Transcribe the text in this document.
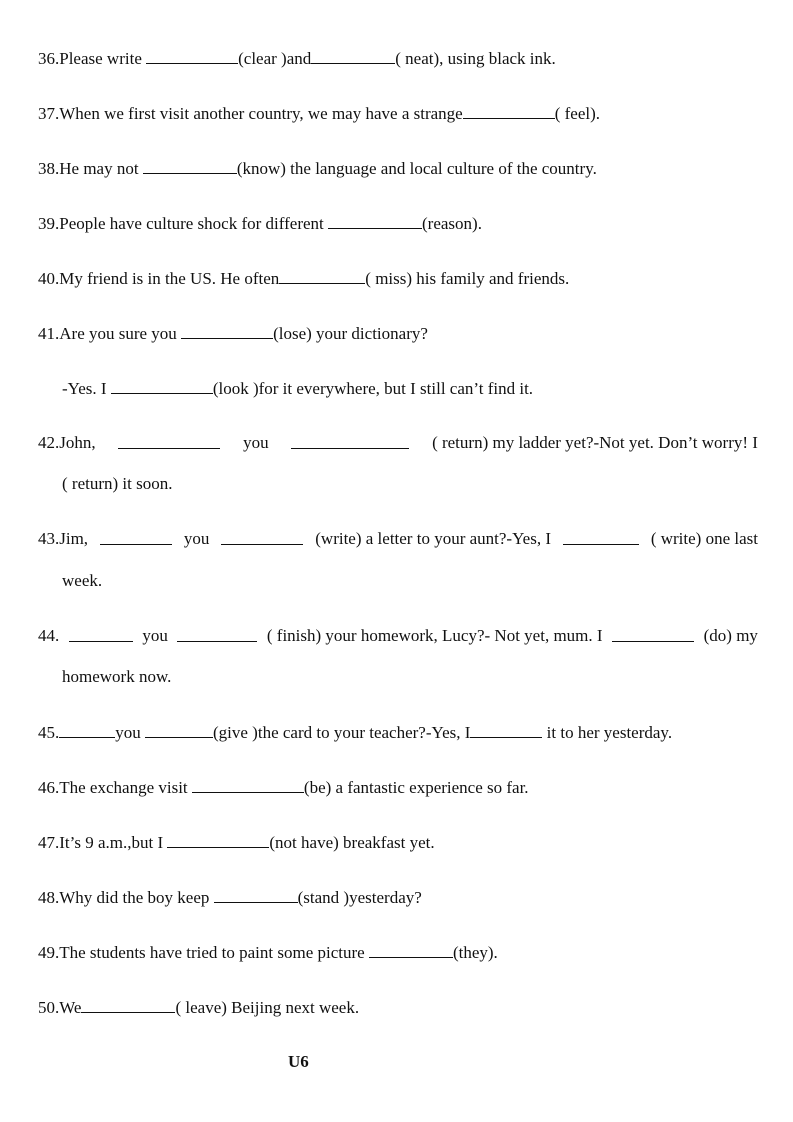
36.Please write	(clear )and	( neat), using black ink.
37.When we first visit another country, we may have a strange	( feel).
38.He may not	(know) the language and local culture of the country.
39.People have culture shock for different	(reason).
40.My friend is in the US. He often	( miss) his family and friends.
41.Are you sure you	(lose) your dictionary?
-Yes. I	(look )for it everywhere, but I still can’t find it.
42.John,	you	( return) my ladder yet?-Not yet. Don’t worry! I
( return) it soon.
43.Jim,	you	(write) a letter to your aunt?-Yes, I	( write) one last
week.
44.	you	( finish) your homework, Lucy?- Not yet, mum. I	(do) my
homework now.
45.	you	(give )the card to your teacher?-Yes, I	it to her yesterday.
46.The exchange visit	(be) a fantastic experience so far.
47.It’s 9 a.m.,but I	(not have) breakfast yet.
48.Why did the boy keep	(stand )yesterday?
49.The students have tried to paint some picture	(they).
50.We	( leave) Beijing next week.
U6
